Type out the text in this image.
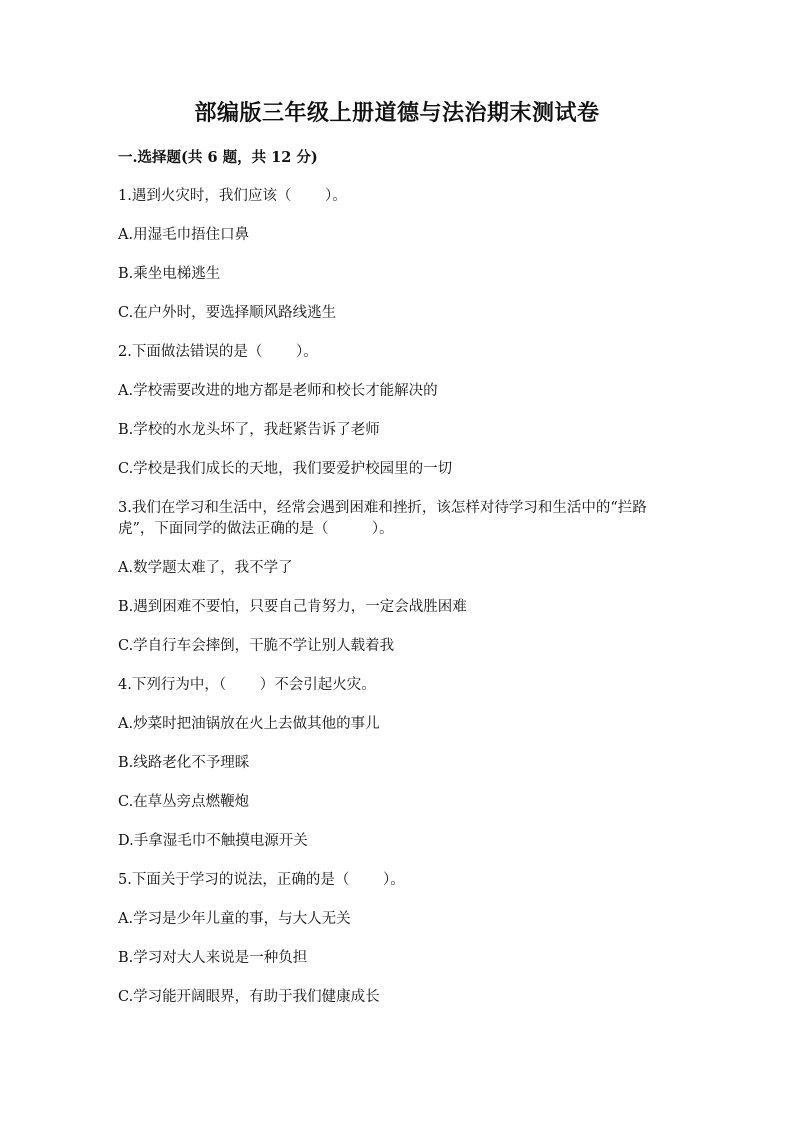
部编版三年级上册道德与法治期末测试卷
一.选择题(共 6 题，共 12 分)
1.遇到火灾时，我们应该（　　 ）。
A.用湿毛巾捂住口鼻
B.乘坐电梯逃生
C.在户外时，要选择顺风路线逃生
2.下面做法错误的是（　　 ）。
A.学校需要改进的地方都是老师和校长才能解决的
B.学校的水龙头坏了，我赶紧告诉了老师
C.学校是我们成长的天地，我们要爱护校园里的一切
3.我们在学习和生活中，经常会遇到困难和挫折，该怎样对待学习和生活中的“拦路虎”，下面同学的做法正确的是（　　　）。
A.数学题太难了，我不学了
B.遇到困难不要怕，只要自己肯努力，一定会战胜困难
C.学自行车会摔倒，干脆不学让别人载着我
4.下列行为中，（　　 ）不会引起火灾。
A.炒菜时把油锅放在火上去做其他的事儿
B.线路老化不予理睬
C.在草丛旁点燃鞭炮
D.手拿湿毛巾不触摸电源开关
5.下面关于学习的说法，正确的是（　　 ）。
A.学习是少年儿童的事，与大人无关
B.学习对大人来说是一种负担
C.学习能开阔眼界，有助于我们健康成长
